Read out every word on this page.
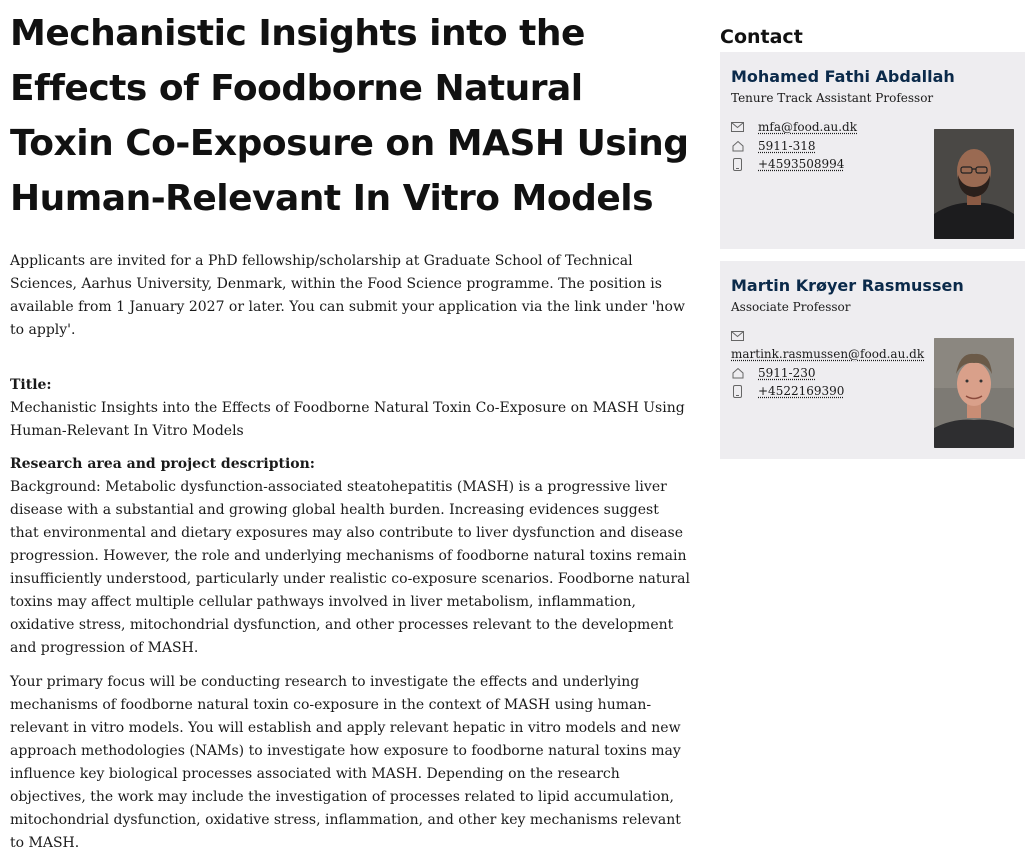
Mechanistic Insights into the Effects of Foodborne Natural Toxin Co-Exposure on MASH Using Human-Relevant In Vitro Models

Applicants are invited for a PhD fellowship/scholarship at Graduate School of Technical Sciences, Aarhus University, Denmark, within the Food Science programme. The position is available from 1 January 2027 or later. You can submit your application via the link under 'how to apply'.

Title:

Mechanistic Insights into the Effects of Foodborne Natural Toxin Co-Exposure on MASH Using Human-Relevant In Vitro Models

Research area and project description:

Background: Metabolic dysfunction-associated steatohepatitis (MASH) is a progressive liver disease with a substantial and growing global health burden. Increasing evidences suggest that environmental and dietary exposures may also contribute to liver dysfunction and disease progression. However, the role and underlying mechanisms of foodborne natural toxins remain insufficiently understood, particularly under realistic co-exposure scenarios. Foodborne natural toxins may affect multiple cellular pathways involved in liver metabolism, inflammation, oxidative stress, mitochondrial dysfunction, and other processes relevant to the development and progression of MASH.

Your primary focus will be conducting research to investigate the effects and underlying mechanisms of foodborne natural toxin co-exposure in the context of MASH using human-relevant in vitro models. You will establish and apply relevant hepatic in vitro models and new approach methodologies (NAMs) to investigate how exposure to foodborne natural toxins may influence key biological processes associated with MASH. Depending on the research objectives, the work may include the investigation of processes related to lipid accumulation, mitochondrial dysfunction, oxidative stress, inflammation, and other key mechanisms relevant to MASH.

Contact

Mohamed Fathi Abdallah

Tenure Track Assistant Professor

mfa@food.au.dk
5911-318
+4593508994

Martin Krøyer Rasmussen

Associate Professor

martink.rasmussen@food.au.dk
5911-230
+4522169390
